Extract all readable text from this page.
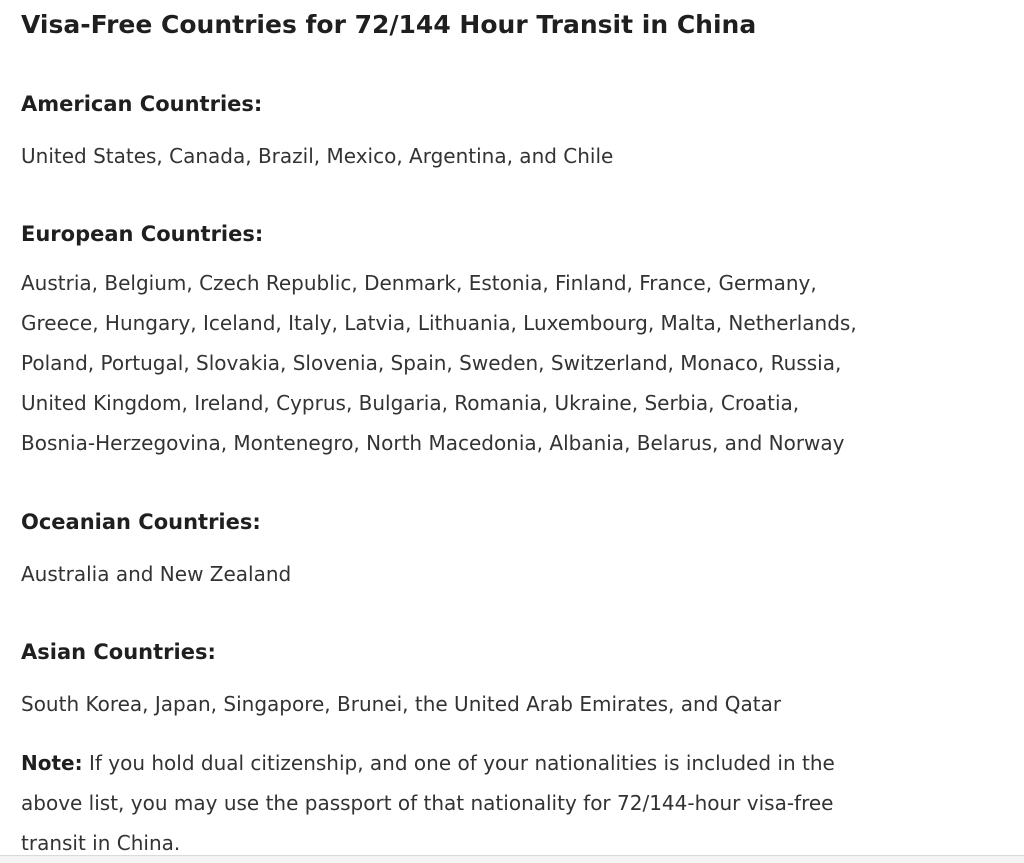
Visa-Free Countries for 72/144 Hour Transit in China
American Countries:

United States, Canada, Brazil, Mexico, Argentina, and Chile

European Countries:

Austria, Belgium, Czech Republic, Denmark, Estonia, Finland, France, Germany,
Greece, Hungary, Iceland, Italy, Latvia, Lithuania, Luxembourg, Malta, Netherlands,
Poland, Portugal, Slovakia, Slovenia, Spain, Sweden, Switzerland, Monaco, Russia,
United Kingdom, Ireland, Cyprus, Bulgaria, Romania, Ukraine, Serbia, Croatia,
Bosnia-Herzegovina, Montenegro, North Macedonia, Albania, Belarus, and Norway

Oceanian Countries:

Australia and New Zealand

Asian Countries:

South Korea, Japan, Singapore, Brunei, the United Arab Emirates, and Qatar

Note: If you hold dual citizenship, and one of your nationalities is included in the
above list, you may use the passport of that nationality for 72/144-hour visa-free
transit in China.
